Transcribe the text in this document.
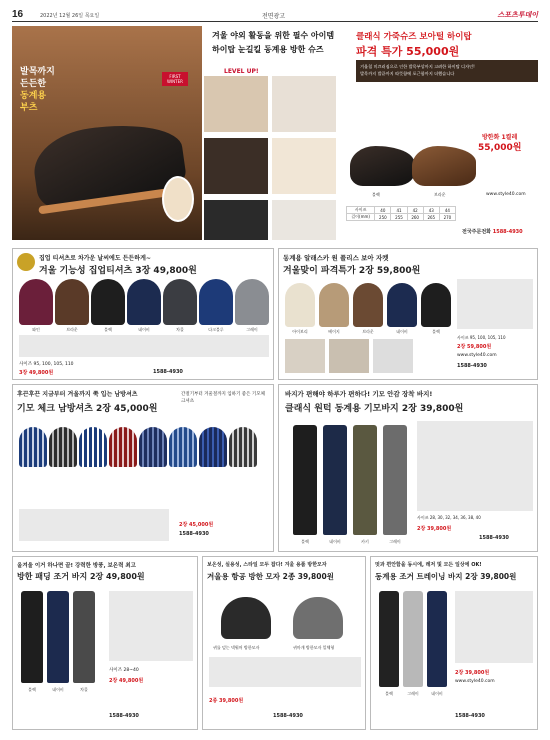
16	2022년 12월 26일 목요일	전면광고	스포츠투데이
발목까지
든든한
동계용
부츠
FIRST WINTER
LEVEL UP!
겨울 야외 활동을 위한 필수 아이템
하이탑 눈길킬 동계용 방한 슈즈
클래식 가죽슈즈 보아털 하이탑
파격 특가 55,000원
겨울철 미끄러짐으로 인한 발목부상까지 고려한 하이탑 디자인!
발목까지 발끝까지 따뜻함에 포근함까지 더했습니다
방한화 1켤레
55,000원
블랙	브라운	www.style40.com
사이즈	40	41	42	43	44
길이(mm)	250	255	260	265	270
전국주문전화 1588-4930
집업 티셔츠로 차가운 날씨에도 든든하게~
겨울 기능성 집업티셔츠 3장 49,800원
와인	브라운	블랙	네이비	차콜	다크블루	그레이
사이즈 95, 100, 105, 110
3장 49,800원	1588-4930
동계용 알래스카 원 플리스 보아 자켓
겨울맞이 파격특가 2장 59,800원
아이보리	베이지	브라운	네이비	블랙
사이즈 95, 100, 105, 110
2장 59,800원
www.style40.com
1588-4930
후끈후끈 지금부터 겨울까지 쭉 입는 남방셔츠
기모 체크 남방셔츠 2장 45,000원
간절기부터 겨울철까지 입하기 좋은 기모체크셔츠
2장 45,000원
1588-4930
바지가 편해야 하루가 편하다! 기모 안감 장착 바지!
클래식 원턱 동계용 기모바지 2장 39,800원
블랙	네이비	카키	그레이
사이즈 28, 30, 32, 34, 36, 38, 40
2장 39,800원
1588-4930
올겨울 이거 하나면 끝! 강력한 방풍, 보온력 최고
방한 패딩 조거 바지 2장 49,800원
블랙	네이비	차콜
사이즈 28~40
2장 49,800원
1588-4930
보온성, 실용성, 스타일 모두 잡다! 겨울 용품 방한모자
겨울용 항공 방한 모자 2종 39,800원
귀를 덮는 넥워머 방한모자	귀마개 방한모자 일체형
2종 39,800원
1588-4930
멋과 편안함을 동시에, 레저 및 모든 일상에 OK!
동계용 조거 트레이닝 바지 2장 39,800원
블랙	그레이	네이비
2장 39,800원
www.style40.com
1588-4930
